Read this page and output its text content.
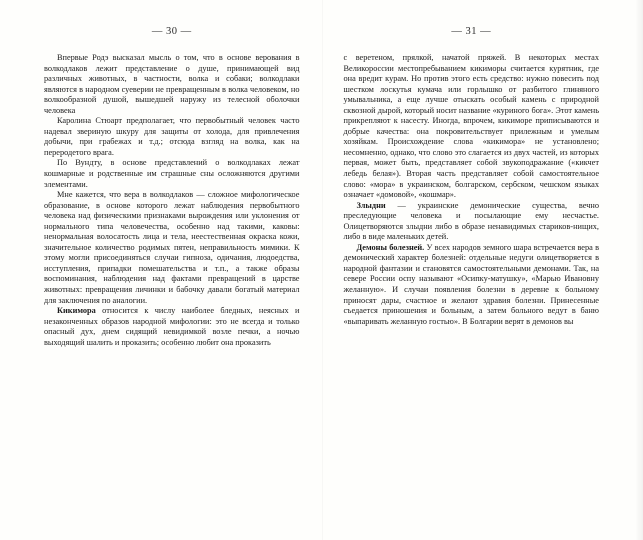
— 30 —

Впервые Родэ высказал мысль о том, что в основе верования в волкодлаков лежит представление о душе, принимающей вид различных животных, в частности, волка и собаки; волкодлаки являются в народном суеверии не превращенным в волка человеком, но волкообразной душой, вышедшей наружу из телесной оболочки человека

Каролина Стюарт предполагает, что первобытный человек часто надевал звериную шкуру для защиты от холода, для привлечения добычи, при грабежах и т.д.; отсюда взгляд на волка, как на переродетого врага.

По Вундту, в основе представлений о волкодлаках лежат кошмарные и родственные им страшные сны осложняются другими элементами.

Мне кажется, что вера в волкодлаков — сложное мифологическое образование, в основе которого лежат наблюдения первобытного человека над физическими признаками вырождения или уклонения от нормального типа человечества, особенно над такими, каковы: ненормальная волосатость лица и тела, неестественная окраска кожи, значительное количество родимых пятен, неправильность мимики. К этому могли присоединяться случаи гипноза, одичания, людоедства, исступления, припадки помешательства и т.п., а также образы воспоминания, наблюдения над фактами превращений в царстве животных: превращения личинки и бабочку давали богатый материал для заключения по аналогии.

Кикимора относится к числу наиболее бледных, неясных и незаконченных образов народной мифологии: это не всегда и только опасный дух, днем сидящий невидимкой возле печки, а ночью выходящий шалить и проказить; особенно любит она проказить

— 31 —

с веретеном, прялкой, начатой пряжей. В некоторых местах Великороссии местопребыванием кикиморы считается курятник, где она вредит курам. Но против этого есть средство: нужно повесить под шестком лоскутья кумача или горлышко от разбитого глиняного умывальника, а еще лучше отыскать особый камень с природной сквозной дырой, который носит название «куриного бога». Этот камень прикрепляют к насесту. Иногда, впрочем, кикиморе приписываются и добрые качества: она покровительствует прилежным и умелым хозяйкам. Происхождение слова «кикимора» не установлено; несомненно, однако, что слово это слагается из двух частей, из которых первая, может быть, представляет собой звукоподражание («кикчет лебедь белая»). Вторая часть представляет собой самостоятельное слово: «мора» в украинском, болгарском, сербском, чешском языках означает «домовой», «кошмар».

Злыдни — украинские демонические существа, вечно преследующие человека и посылающие ему несчастье. Олицетворяются злыдни либо в образе ненавидимых стариков-нищих, либо в виде маленьких детей.

Демоны болезней. У всех народов земного шара встречается вера в демонический характер болезней: отдельные недуги олицетворяется в народной фантазии и становятся самостоятельными демонами. Так, на севере России оспу называют «Осипку-матушку», «Марью Ивановну желанную». И случаи появления болезни в деревне к больному приносят дары, счастное и желают здравия болезни. Принесенные съедается приношения и больным, а затем больного ведут в баню «выпаривать желанную гостью». В Болгарии верят в демонов вы
